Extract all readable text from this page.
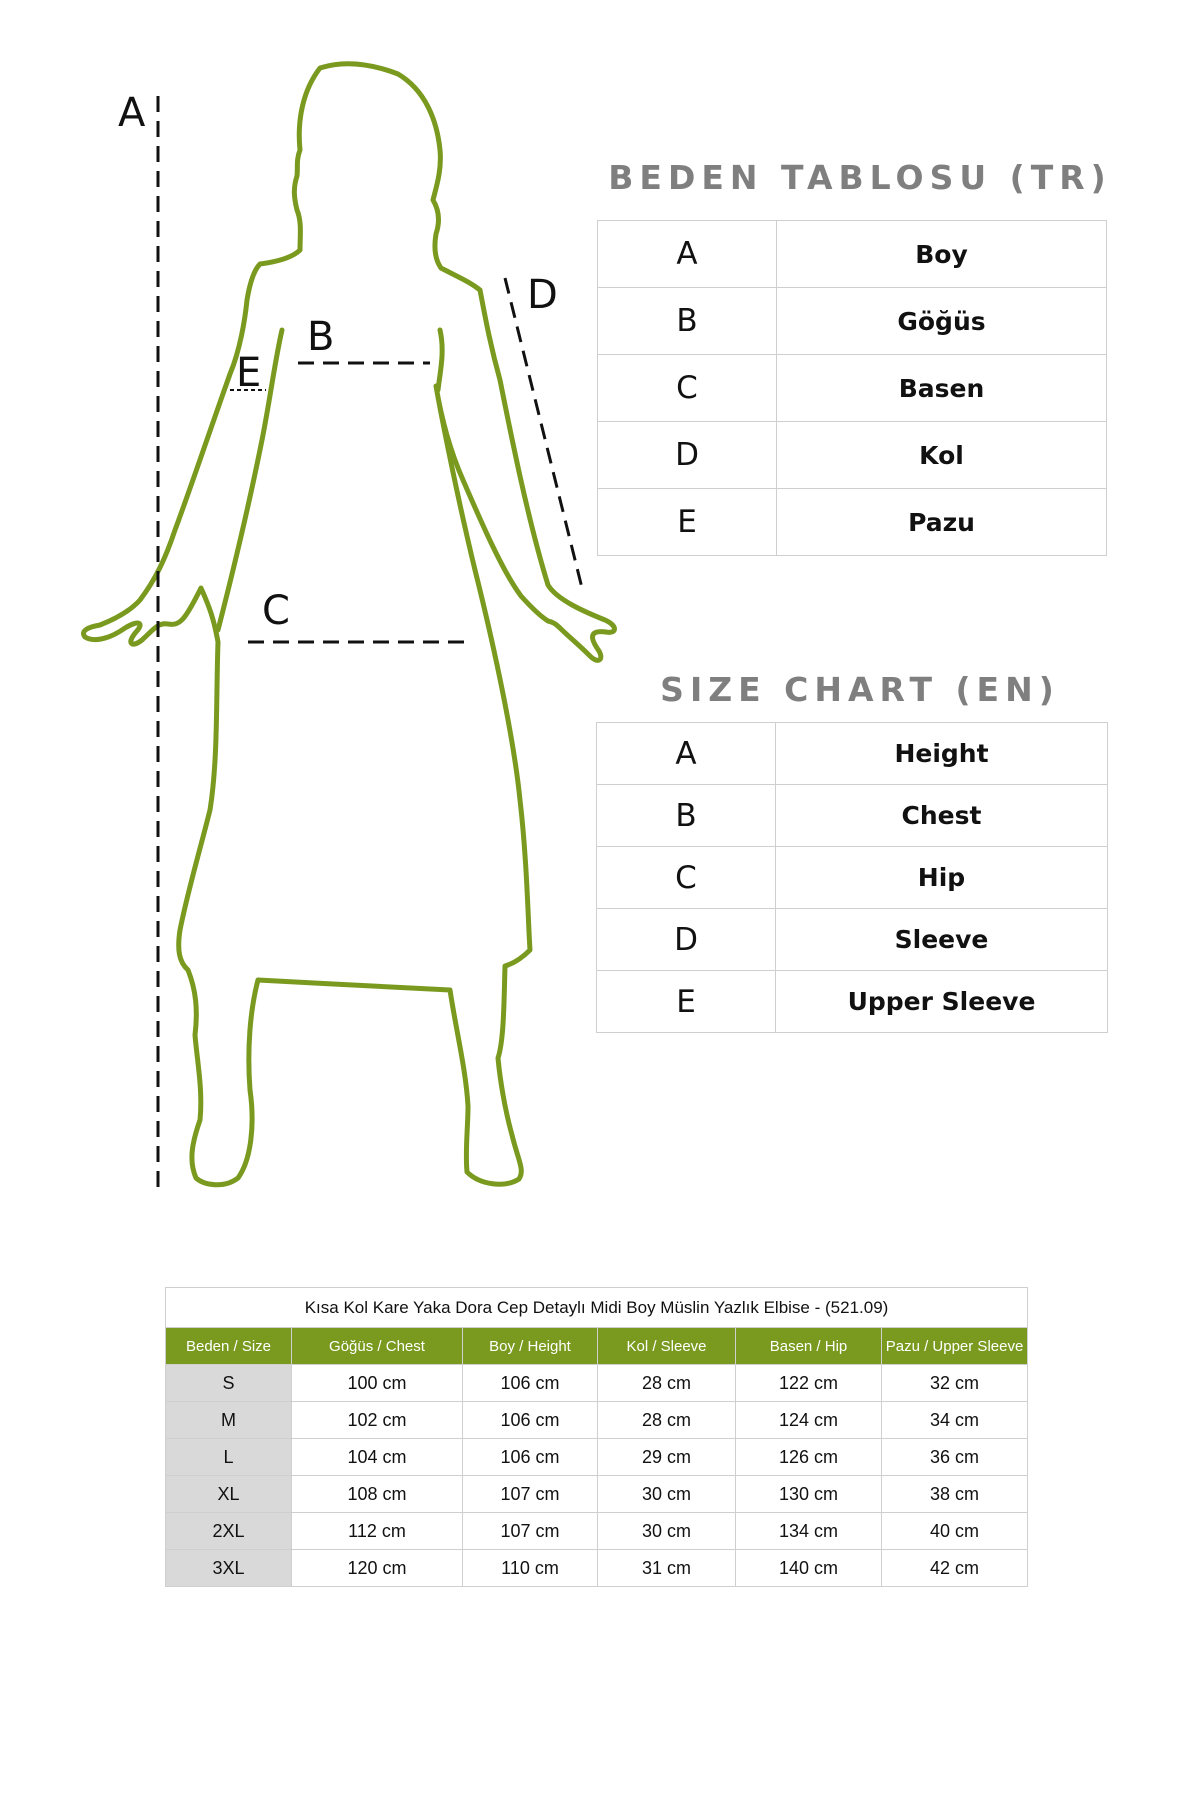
A
B
C
D
E
BEDEN TABLOSU (TR)
A	Boy
B	Göğüs
C	Basen
D	Kol
E	Pazu
SIZE CHART (EN)
A	Height
B	Chest
C	Hip
D	Sleeve
E	Upper Sleeve
Kısa Kol Kare Yaka Dora Cep Detaylı Midi Boy Müslin Yazlık Elbise - (521.09)					
Beden / Size	Göğüs / Chest	Boy / Height	Kol / Sleeve	Basen / Hip	Pazu / Upper Sleeve
S	100 cm	106 cm	28 cm	122 cm	32 cm
M	102 cm	106 cm	28 cm	124 cm	34 cm
L	104 cm	106 cm	29 cm	126 cm	36 cm
XL	108 cm	107 cm	30 cm	130 cm	38 cm
2XL	112 cm	107 cm	30 cm	134 cm	40 cm
3XL	120 cm	110 cm	31 cm	140 cm	42 cm
